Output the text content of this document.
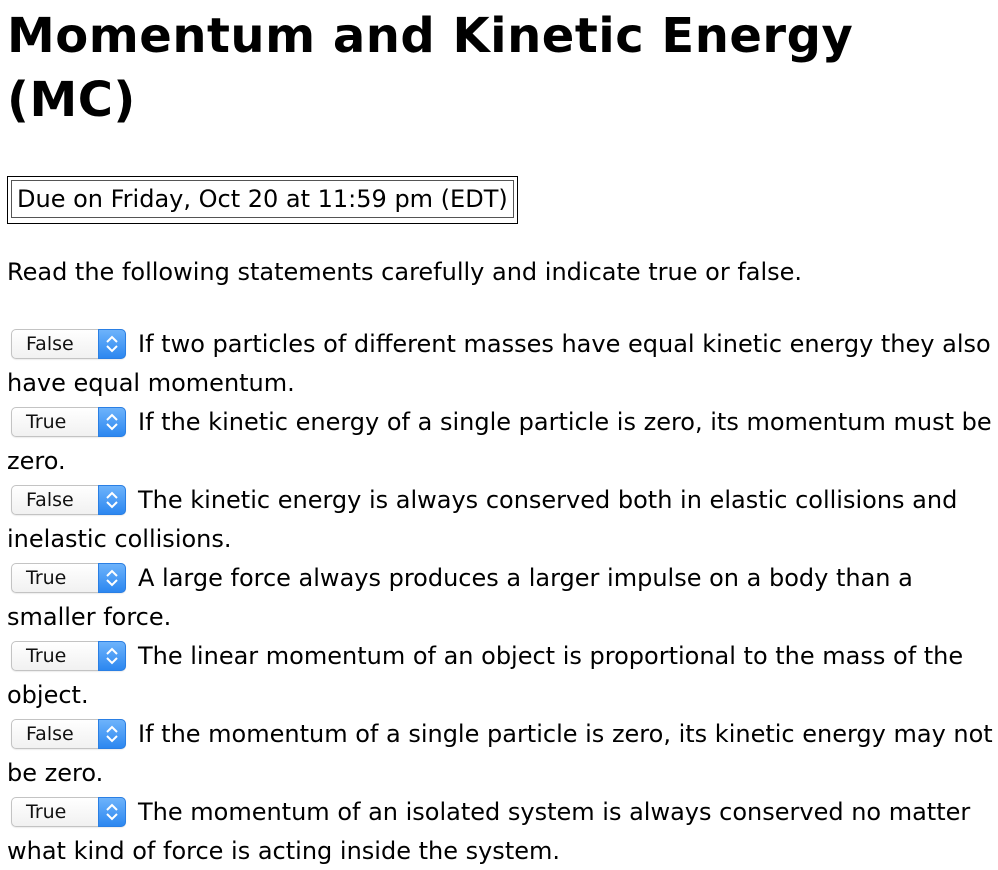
Momentum and Kinetic Energy (MC)
Due on Friday, Oct 20 at 11:59 pm (EDT)

Read the following statements carefully and indicate true or false.

False	If two particles of different masses have equal kinetic energy they also have equal momentum.

True	If the kinetic energy of a single particle is zero, its momentum must be zero.

False	The kinetic energy is always conserved both in elastic collisions and inelastic collisions.

True	A large force always produces a larger impulse on a body than a smaller force.

True	The linear momentum of an object is proportional to the mass of the object.

False	If the momentum of a single particle is zero, its kinetic energy may not be zero.

True	The momentum of an isolated system is always conserved no matter what kind of force is acting inside the system.
